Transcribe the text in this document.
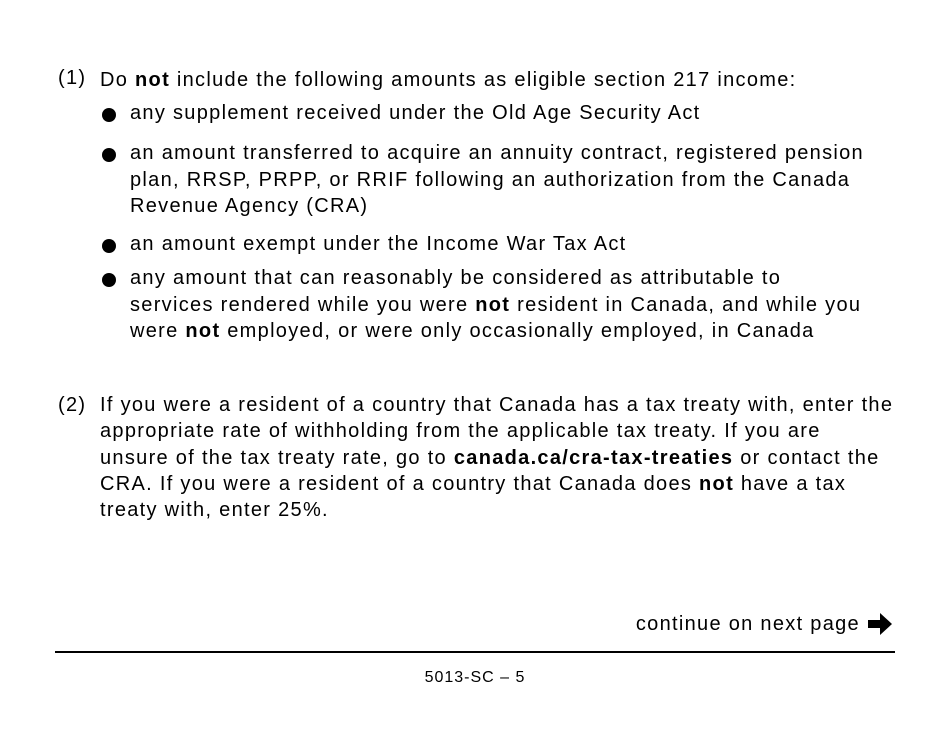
(1) Do not include the following amounts as eligible section 217 income:
any supplement received under the Old Age Security Act
an amount transferred to acquire an annuity contract, registered pension plan, RRSP, PRPP, or RRIF following an authorization from the Canada Revenue Agency (CRA)
an amount exempt under the Income War Tax Act
any amount that can reasonably be considered as attributable to services rendered while you were not resident in Canada, and while you were not employed, or were only occasionally employed, in Canada
(2) If you were a resident of a country that Canada has a tax treaty with, enter the appropriate rate of withholding from the applicable tax treaty. If you are unsure of the tax treaty rate, go to canada.ca/cra-tax-treaties or contact the CRA. If you were a resident of a country that Canada does not have a tax treaty with, enter 25%.
continue on next page
5013-SC – 5
